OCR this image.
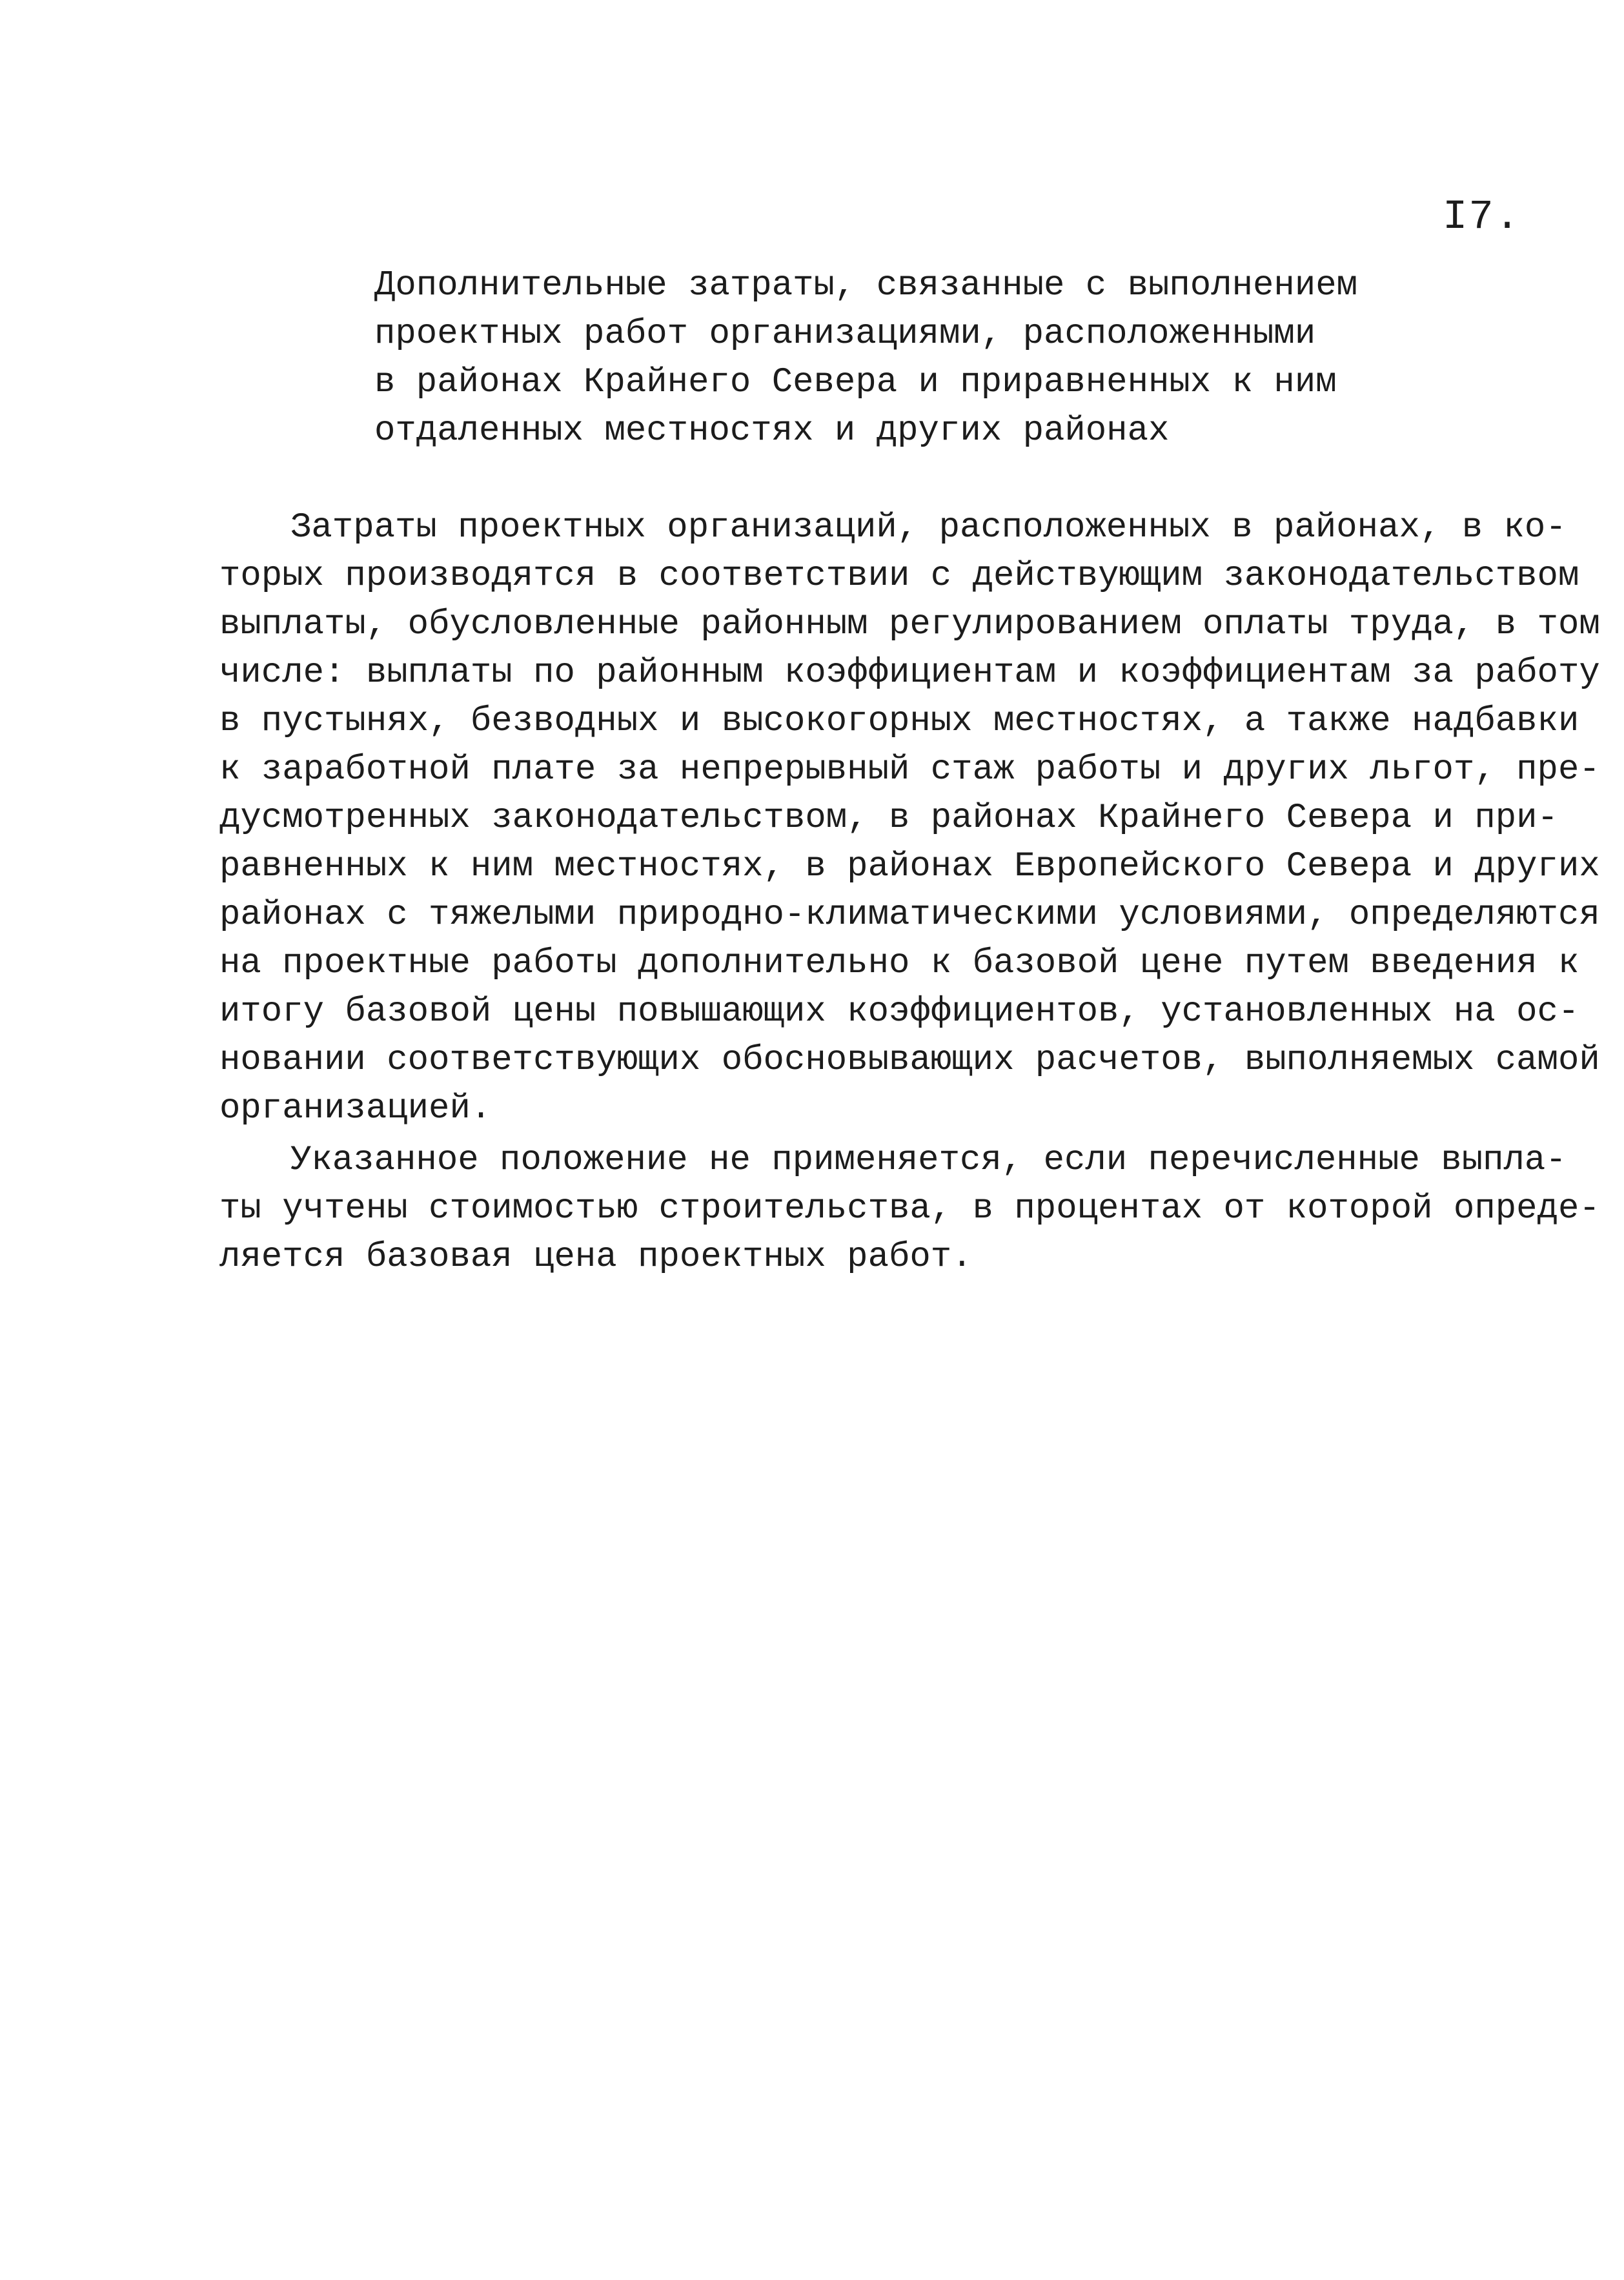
I7.
Дополнительные затраты, связанные с выполнением
проектных работ организациями, расположенными
в районах Крайнего Севера и приравненных к ним
отдаленных местностях и других районах
Затраты проектных организаций, расположенных в районах, в ко-
торых производятся в соответствии с действующим законодательством
выплаты, обусловленные районным регулированием оплаты труда, в том
числе: выплаты по районным коэффициентам и коэффициентам за работу
в пустынях, безводных и высокогорных местностях, а также надбавки
к заработной плате за непрерывный стаж работы и других льгот, пре-
дусмотренных законодательством, в районах Крайнего Севера и при-
равненных к ним местностях, в районах Европейского Севера и других
районах с тяжелыми природно-климатическими условиями, определяются
на проектные работы дополнительно к базовой цене путем введения к
итогу базовой цены повышающих коэффициентов, установленных на ос-
новании соответствующих обосновывающих расчетов, выполняемых самой
организацией.
Указанное положение не применяется, если перечисленные выпла-
ты учтены стоимостью строительства, в процентах от которой опреде-
ляется базовая цена проектных работ.
